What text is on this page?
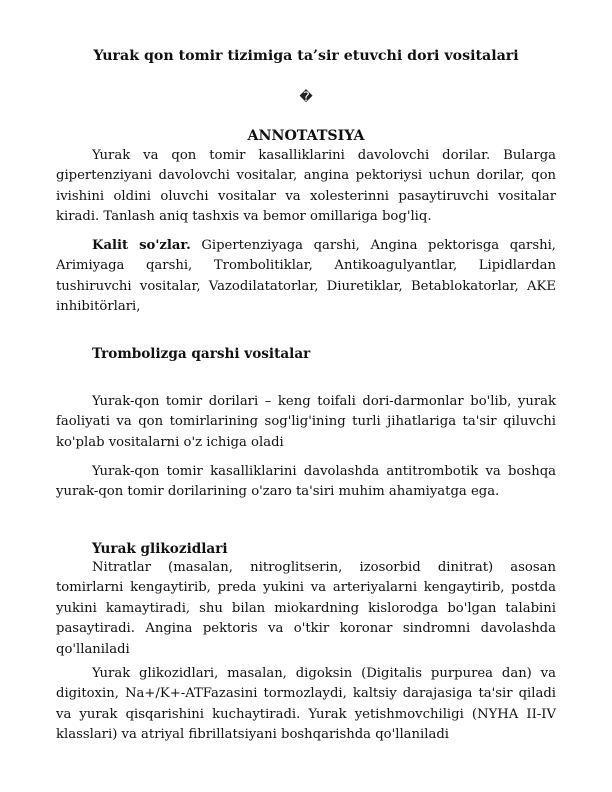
Yurak qon tomir tizimiga ta’sir etuvchi dori vositalari
�
ANNOTATSIYA

Yurak va qon tomir kasalliklarini davolovchi dorilar. Bularga gipertenziyani davolovchi vositalar, angina pektoriysi uchun dorilar, qon ivishini oldini oluvchi vositalar va xolesterinni pasaytiruvchi vositalar kiradi. Tanlash aniq tashxis va bemor omillariga bog'liq.

Kalit so'zlar. Gipertenziyaga qarshi, Angina pektorisga qarshi, Arimiyaga qarshi, Trombolitiklar, Antikoagulyantlar, Lipidlardan tushiruvchi vositalar, Vazodilatatorlar, Diuretiklar, Betablokatorlar, AKE inhibitörlari,

Trombolizga qarshi vositalar

Yurak-qon tomir dorilari – keng toifali dori-darmonlar bo'lib, yurak faoliyati va qon tomirlarining sog'lig'ining turli jihatlariga ta'sir qiluvchi ko'plab vositalarni o'z ichiga oladi

Yurak-qon tomir kasalliklarini davolashda antitrombotik va boshqa yurak-qon tomir dorilarining o'zaro ta'siri muhim ahamiyatga ega.

Yurak glikozidlari

Nitratlar (masalan, nitroglitserin, izosorbid dinitrat) asosan tomirlarni kengaytirib, preda yukini va arteriyalarni kengaytirib, postda yukini kamaytiradi, shu bilan miokardning kislorodga bo'lgan talabini pasaytiradi. Angina pektoris va o'tkir koronar sindromni davolashda qo'llaniladi

Yurak glikozidlari, masalan, digoksin (Digitalis purpurea dan) va digitoxin, Na+/K+-ATFazasini tormozlaydi, kaltsiy darajasiga ta'sir qiladi va yurak qisqarishini kuchaytiradi. Yurak yetishmovchiligi (NYHA II-IV klasslari) va atriyal fibrillatsiyani boshqarishda qo'llaniladi
